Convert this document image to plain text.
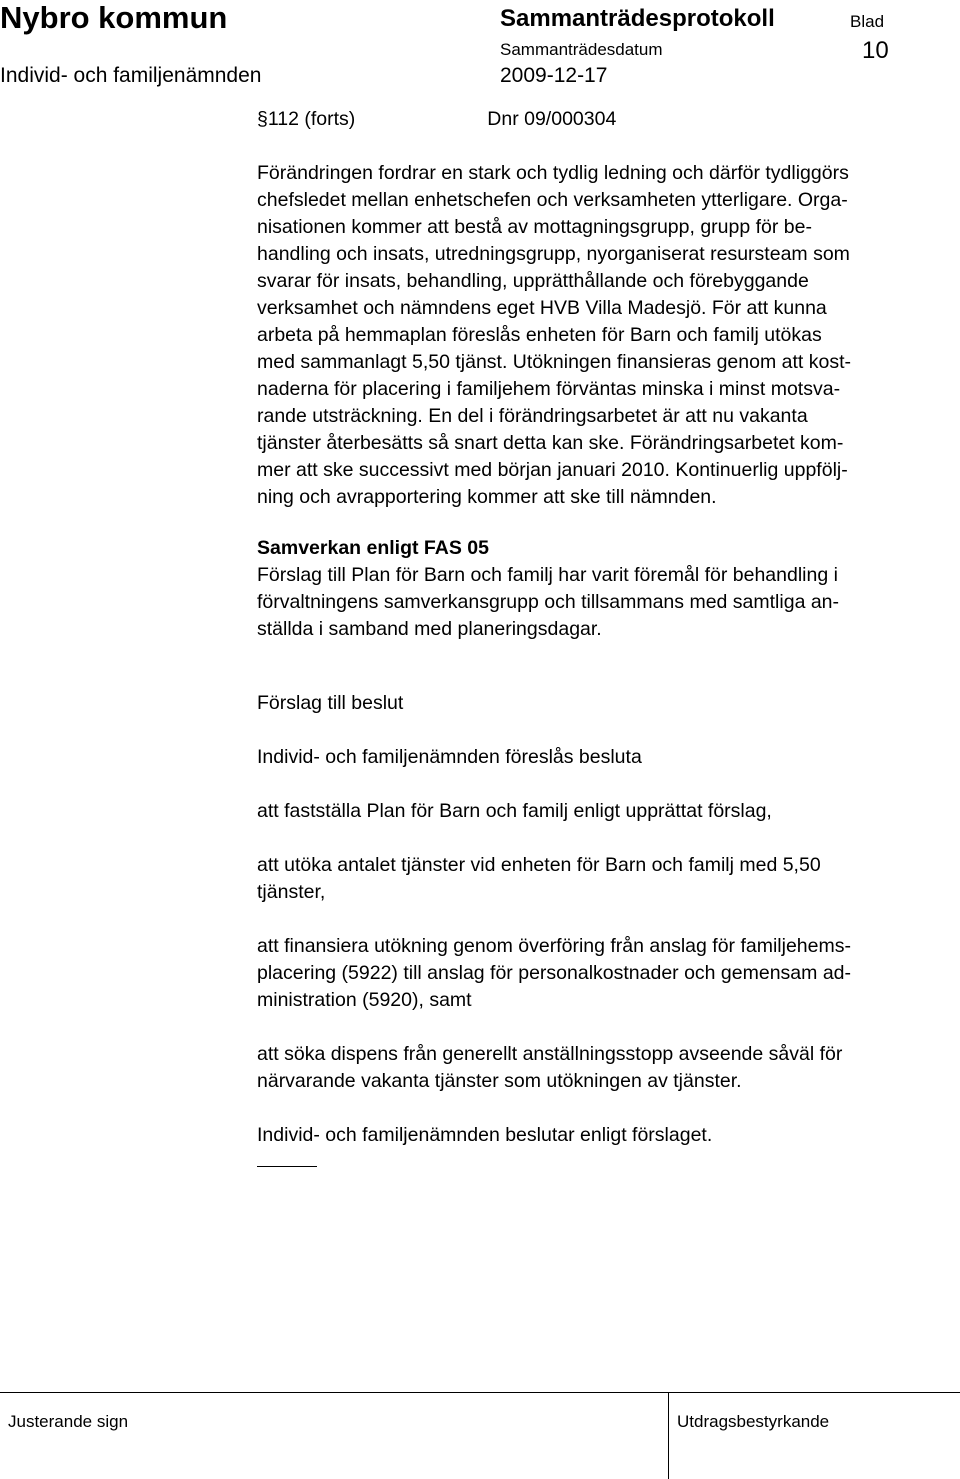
Nybro kommun
Individ- och familjenämnden
Sammanträdesprotokoll
Sammanträdesdatum
2009-12-17
Blad
10
§112 (forts)	Dnr 09/000304
Förändringen fordrar en stark och tydlig ledning och därför tydliggörs
chefsledet mellan enhetschefen och verksamheten ytterligare. Orga-
nisationen kommer att bestå av mottagningsgrupp, grupp för be-
handling och insats, utredningsgrupp, nyorganiserat resursteam som
svarar för insats, behandling, upprätthållande och förebyggande
verksamhet och nämndens eget HVB Villa Madesjö. För att kunna
arbeta på hemmaplan föreslås enheten för Barn och familj utökas
med sammanlagt 5,50 tjänst. Utökningen finansieras genom att kost-
naderna för placering i familjehem förväntas minska i minst motsva-
rande utsträckning. En del i förändringsarbetet är att nu vakanta
tjänster återbesätts så snart detta kan ske. Förändringsarbetet kom-
mer att ske successivt med början januari 2010. Kontinuerlig uppfölj-
ning och avrapportering kommer att ske till nämnden.
Samverkan enligt FAS 05
Förslag till Plan för Barn och familj har varit föremål för behandling i
förvaltningens samverkansgrupp och tillsammans med samtliga an-
ställda i samband med planeringsdagar.
Förslag till beslut
Individ- och familjenämnden föreslås besluta
att fastställa Plan för Barn och familj enligt upprättat förslag,
att utöka antalet tjänster vid enheten för Barn och familj med 5,50
tjänster,
att finansiera utökning genom överföring från anslag för familjehems-
placering (5922) till anslag för personalkostnader och gemensam ad-
ministration (5920), samt
att söka dispens från generellt anställningsstopp avseende såväl för
närvarande vakanta tjänster som utökningen av tjänster.
Individ- och familjenämnden beslutar enligt förslaget.
Justerande sign	Utdragsbestyrkande
